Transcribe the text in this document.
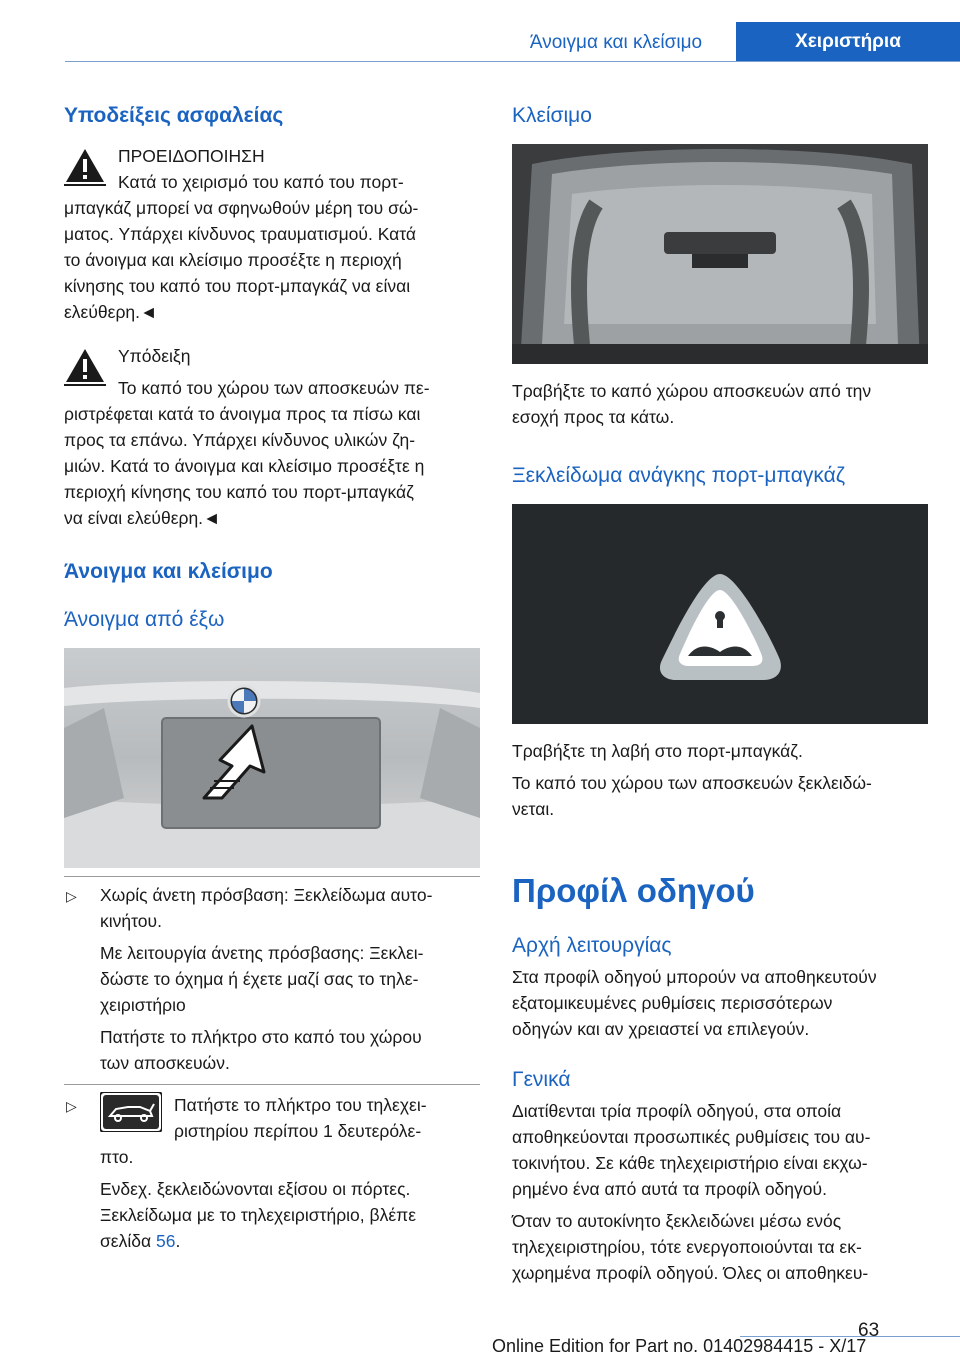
Άνοιγμα και κλείσιμο	Χειριστήρια
Υποδείξεις ασφαλείας
ΠΡΟΕΙΔΟΠΟΙΗΣΗ
Κατά το χειρισμό του καπό του πορτ-
μπαγκάζ μπορεί να σφηνωθούν μέρη του σώ-
ματος. Υπάρχει κίνδυνος τραυματισμού. Κατά
το άνοιγμα και κλείσιμο προσέξτε η περιοχή
κίνησης του καπό του πορτ-μπαγκάζ να είναι
ελεύθερη.◄
Υπόδειξη
Το καπό του χώρου των αποσκευών πε-
ριστρέφεται κατά το άνοιγμα προς τα πίσω και
προς τα επάνω. Υπάρχει κίνδυνος υλικών ζη-
μιών. Κατά το άνοιγμα και κλείσιμο προσέξτε η
περιοχή κίνησης του καπό του πορτ-μπαγκάζ
να είναι ελεύθερη.◄
Άνοιγμα και κλείσιμο
Άνοιγμα από έξω
▷ Χωρίς άνετη πρόσβαση: Ξεκλείδωμα αυτο-
κινήτου.
Με λειτουργία άνετης πρόσβασης: Ξεκλει-
δώστε το όχημα ή έχετε μαζί σας το τηλε-
χειριστήριο
Πατήστε το πλήκτρο στο καπό του χώρου
των αποσκευών.
▷	Πατήστε το πλήκτρο του τηλεχει-
ριστηρίου περίπου 1 δευτερόλε-
πτο.
Ενδεχ. ξεκλειδώνονται εξίσου οι πόρτες.
Ξεκλείδωμα με το τηλεχειριστήριο, βλέπε
σελίδα 56.
Κλείσιμο
Τραβήξτε το καπό χώρου αποσκευών από την
εσοχή προς τα κάτω.
Ξεκλείδωμα ανάγκης πορτ-μπαγκάζ
Τραβήξτε τη λαβή στο πορτ-μπαγκάζ.
Το καπό του χώρου των αποσκευών ξεκλειδώ-
νεται.
Προφίλ οδηγού
Αρχή λειτουργίας
Στα προφίλ οδηγού μπορούν να αποθηκευτούν
εξατομικευμένες ρυθμίσεις περισσότερων
οδηγών και αν χρειαστεί να επιλεγούν.
Γενικά
Διατίθενται τρία προφίλ οδηγού, στα οποία
αποθηκεύονται προσωπικές ρυθμίσεις του αυ-
τοκινήτου. Σε κάθε τηλεχειριστήριο είναι εκχω-
ρημένο ένα από αυτά τα προφίλ οδηγού.
Όταν το αυτοκίνητο ξεκλειδώνει μέσω ενός
τηλεχειριστηρίου, τότε ενεργοποιούνται τα εκ-
χωρημένα προφίλ οδηγού. Όλες οι αποθηκευ-
63
Online Edition for Part no. 01402984415 - X/17
